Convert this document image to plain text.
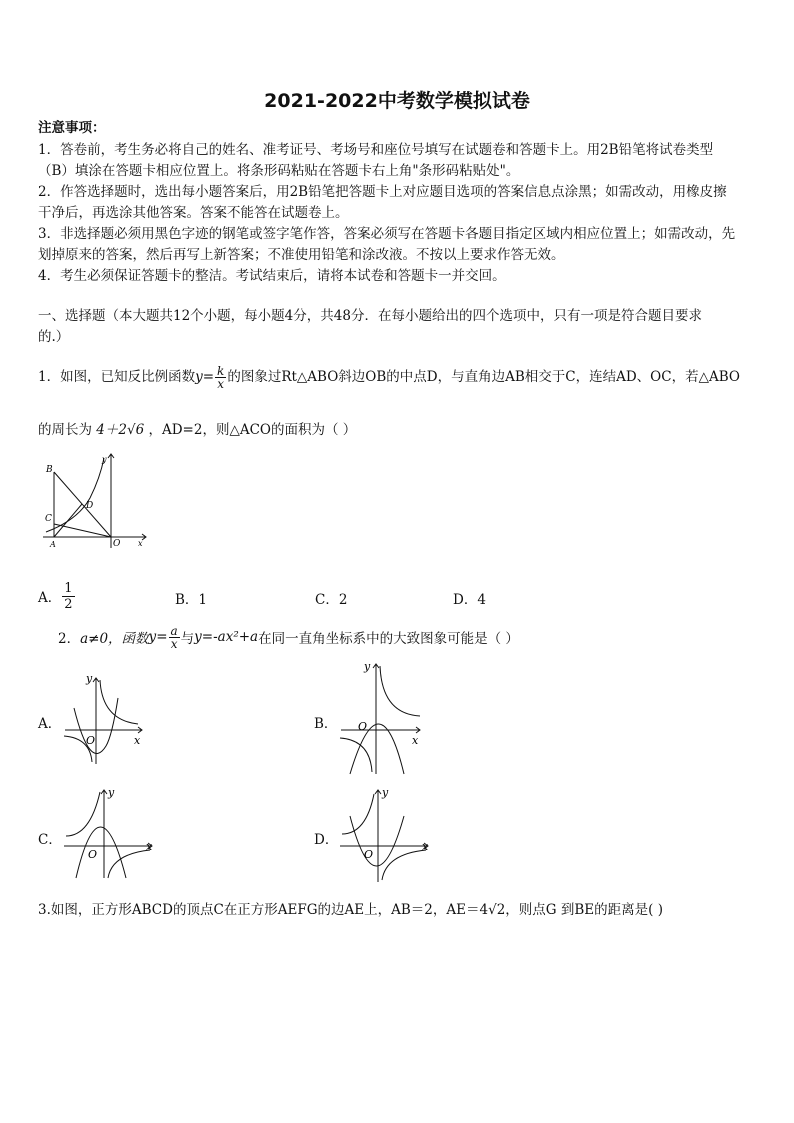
2021-2022中考数学模拟试卷
注意事项：
1．答卷前，考生务必将自己的姓名、准考证号、考场号和座位号填写在试题卷和答题卡上。用2B铅笔将试卷类型
（B）填涂在答题卡相应位置上。将条形码粘贴在答题卡右上角"条形码粘贴处"。
2．作答选择题时，选出每小题答案后，用2B铅笔把答题卡上对应题目选项的答案信息点涂黑；如需改动，用橡皮擦
干净后，再选涂其他答案。答案不能答在试题卷上。
3．非选择题必须用黑色字迹的钢笔或签字笔作答，答案必须写在答题卡各题目指定区域内相应位置上；如需改动，先
划掉原来的答案，然后再写上新答案；不准使用铅笔和涂改液。不按以上要求作答无效。
4．考生必须保证答题卡的整洁。考试结束后，请将本试卷和答题卡一并交回。
一、选择题（本大题共12个小题，每小题4分，共48分．在每小题给出的四个选项中，只有一项是符合题目要求
的.）
1．如图，已知反比例函数 $y = \frac{k}{x}$ 的图象过Rt△ABO斜边OB的中点D，与直角边AB相交于C，连结AD、OC，若△ABO
的周长为 4＋2√6 ，AD=2，则△ACO的面积为（ ）
B
C
D
A	O x
y
A． $\frac{1}{2}$	B．1	C．2	D．4
2． a≠0，函数 $y = \frac{a}{x}$ 与 y=-ax²+a 在同一直角坐标系中的大致图象可能是（ ）
A．
y
O	x
B．
y
O
x
C．
y
O
x	D．
y
O
x
3.如图，正方形ABCD的顶点C在正方形AEFG的边AE上，AB＝2，AE＝4√2，则点G 到BE的距离是( )
